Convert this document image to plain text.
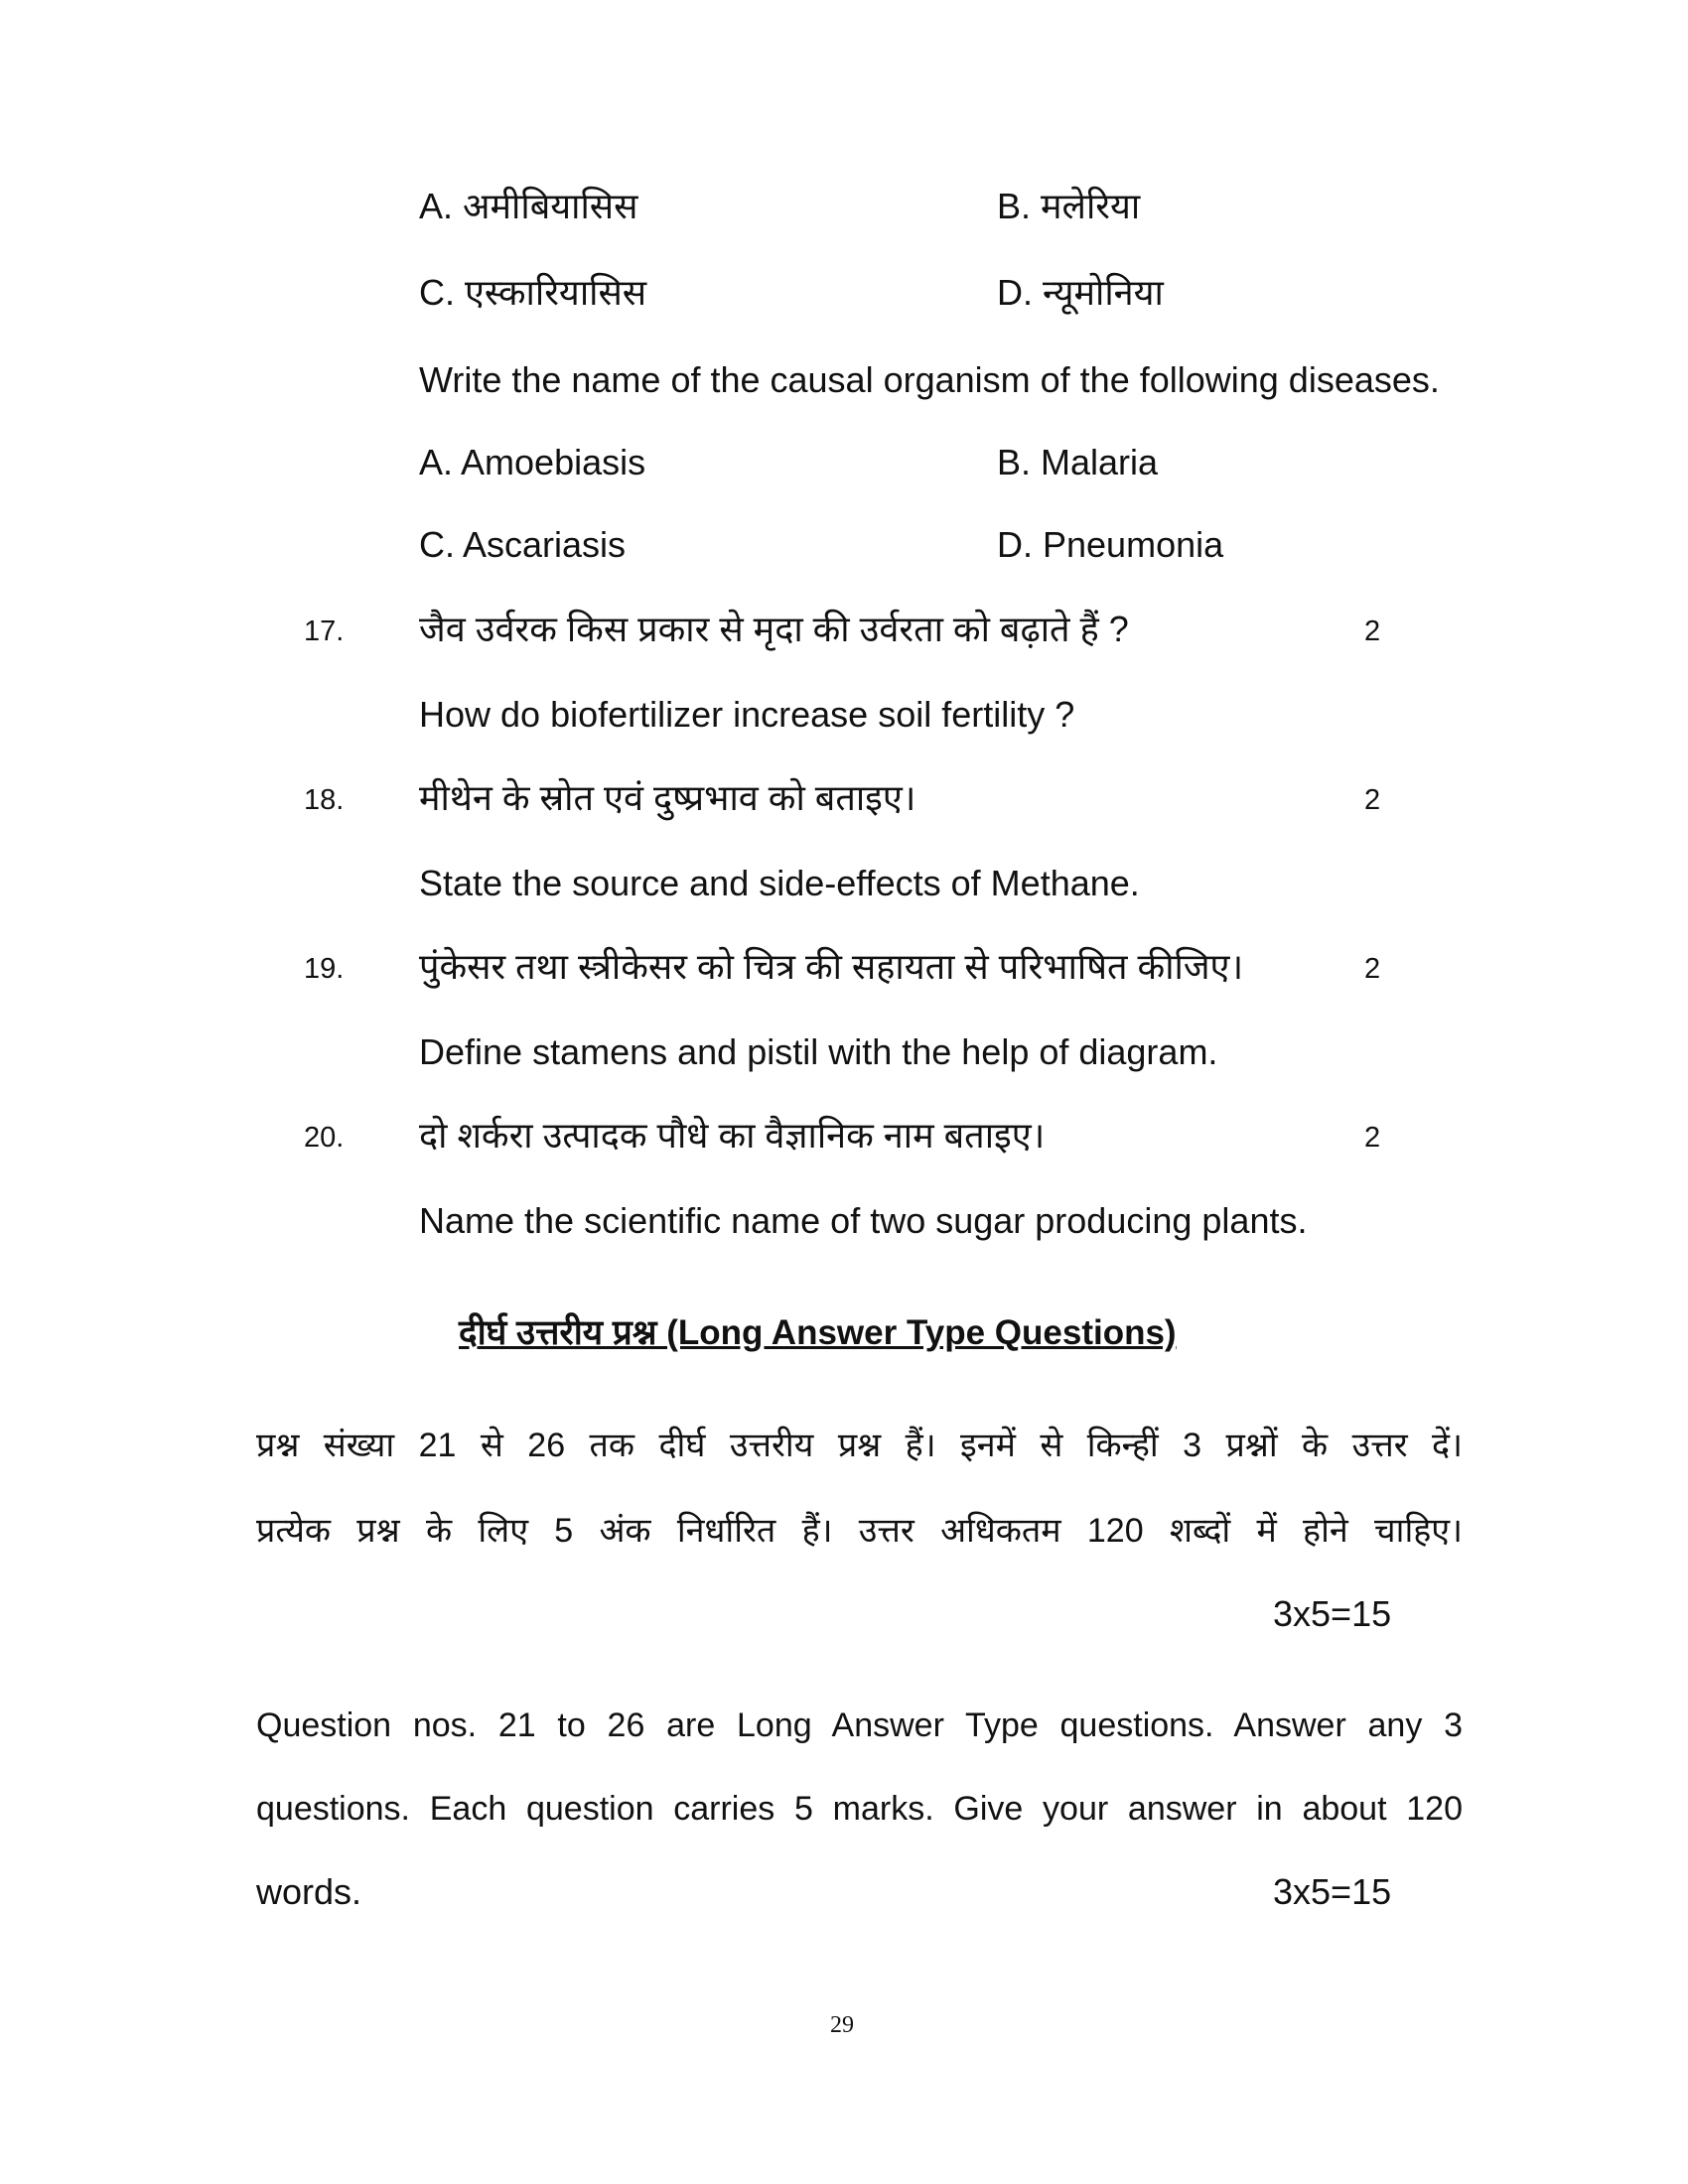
A. अमीबियासिस	B. मलेरिया
C. एस्कारियासिस	D. न्यूमोनिया
Write the name of the causal organism of the following diseases.
A. Amoebiasis	B. Malaria
C. Ascariasis	D. Pneumonia
17. जैव उर्वरक किस प्रकार से मृदा की उर्वरता को बढ़ाते हैं ?	2
How do biofertilizer increase soil fertility ?
18. मीथेन के स्रोत एवं दुष्प्रभाव को बताइए।	2
State the source and side-effects of Methane.
19. पुंकेसर तथा स्त्रीकेसर को चित्र की सहायता से परिभाषित कीजिए।	2
Define stamens and pistil with the help of diagram.
20. दो शर्करा उत्पादक पौधे का वैज्ञानिक नाम बताइए।	2
Name the scientific name of two sugar producing plants.
दीर्घ उत्तरीय प्रश्न (Long Answer Type Questions)
प्रश्न संख्या 21 से 26 तक दीर्घ उत्तरीय प्रश्न हैं। इनमें से किन्हीं 3 प्रश्नों के उत्तर दें।
प्रत्येक प्रश्न के लिए 5 अंक निर्धारित हैं। उत्तर अधिकतम 120 शब्दों में होने चाहिए।
3x5=15
Question nos. 21 to 26 are Long Answer Type questions. Answer any 3
questions. Each question carries 5 marks. Give your answer in about 120
words.	3x5=15
29
